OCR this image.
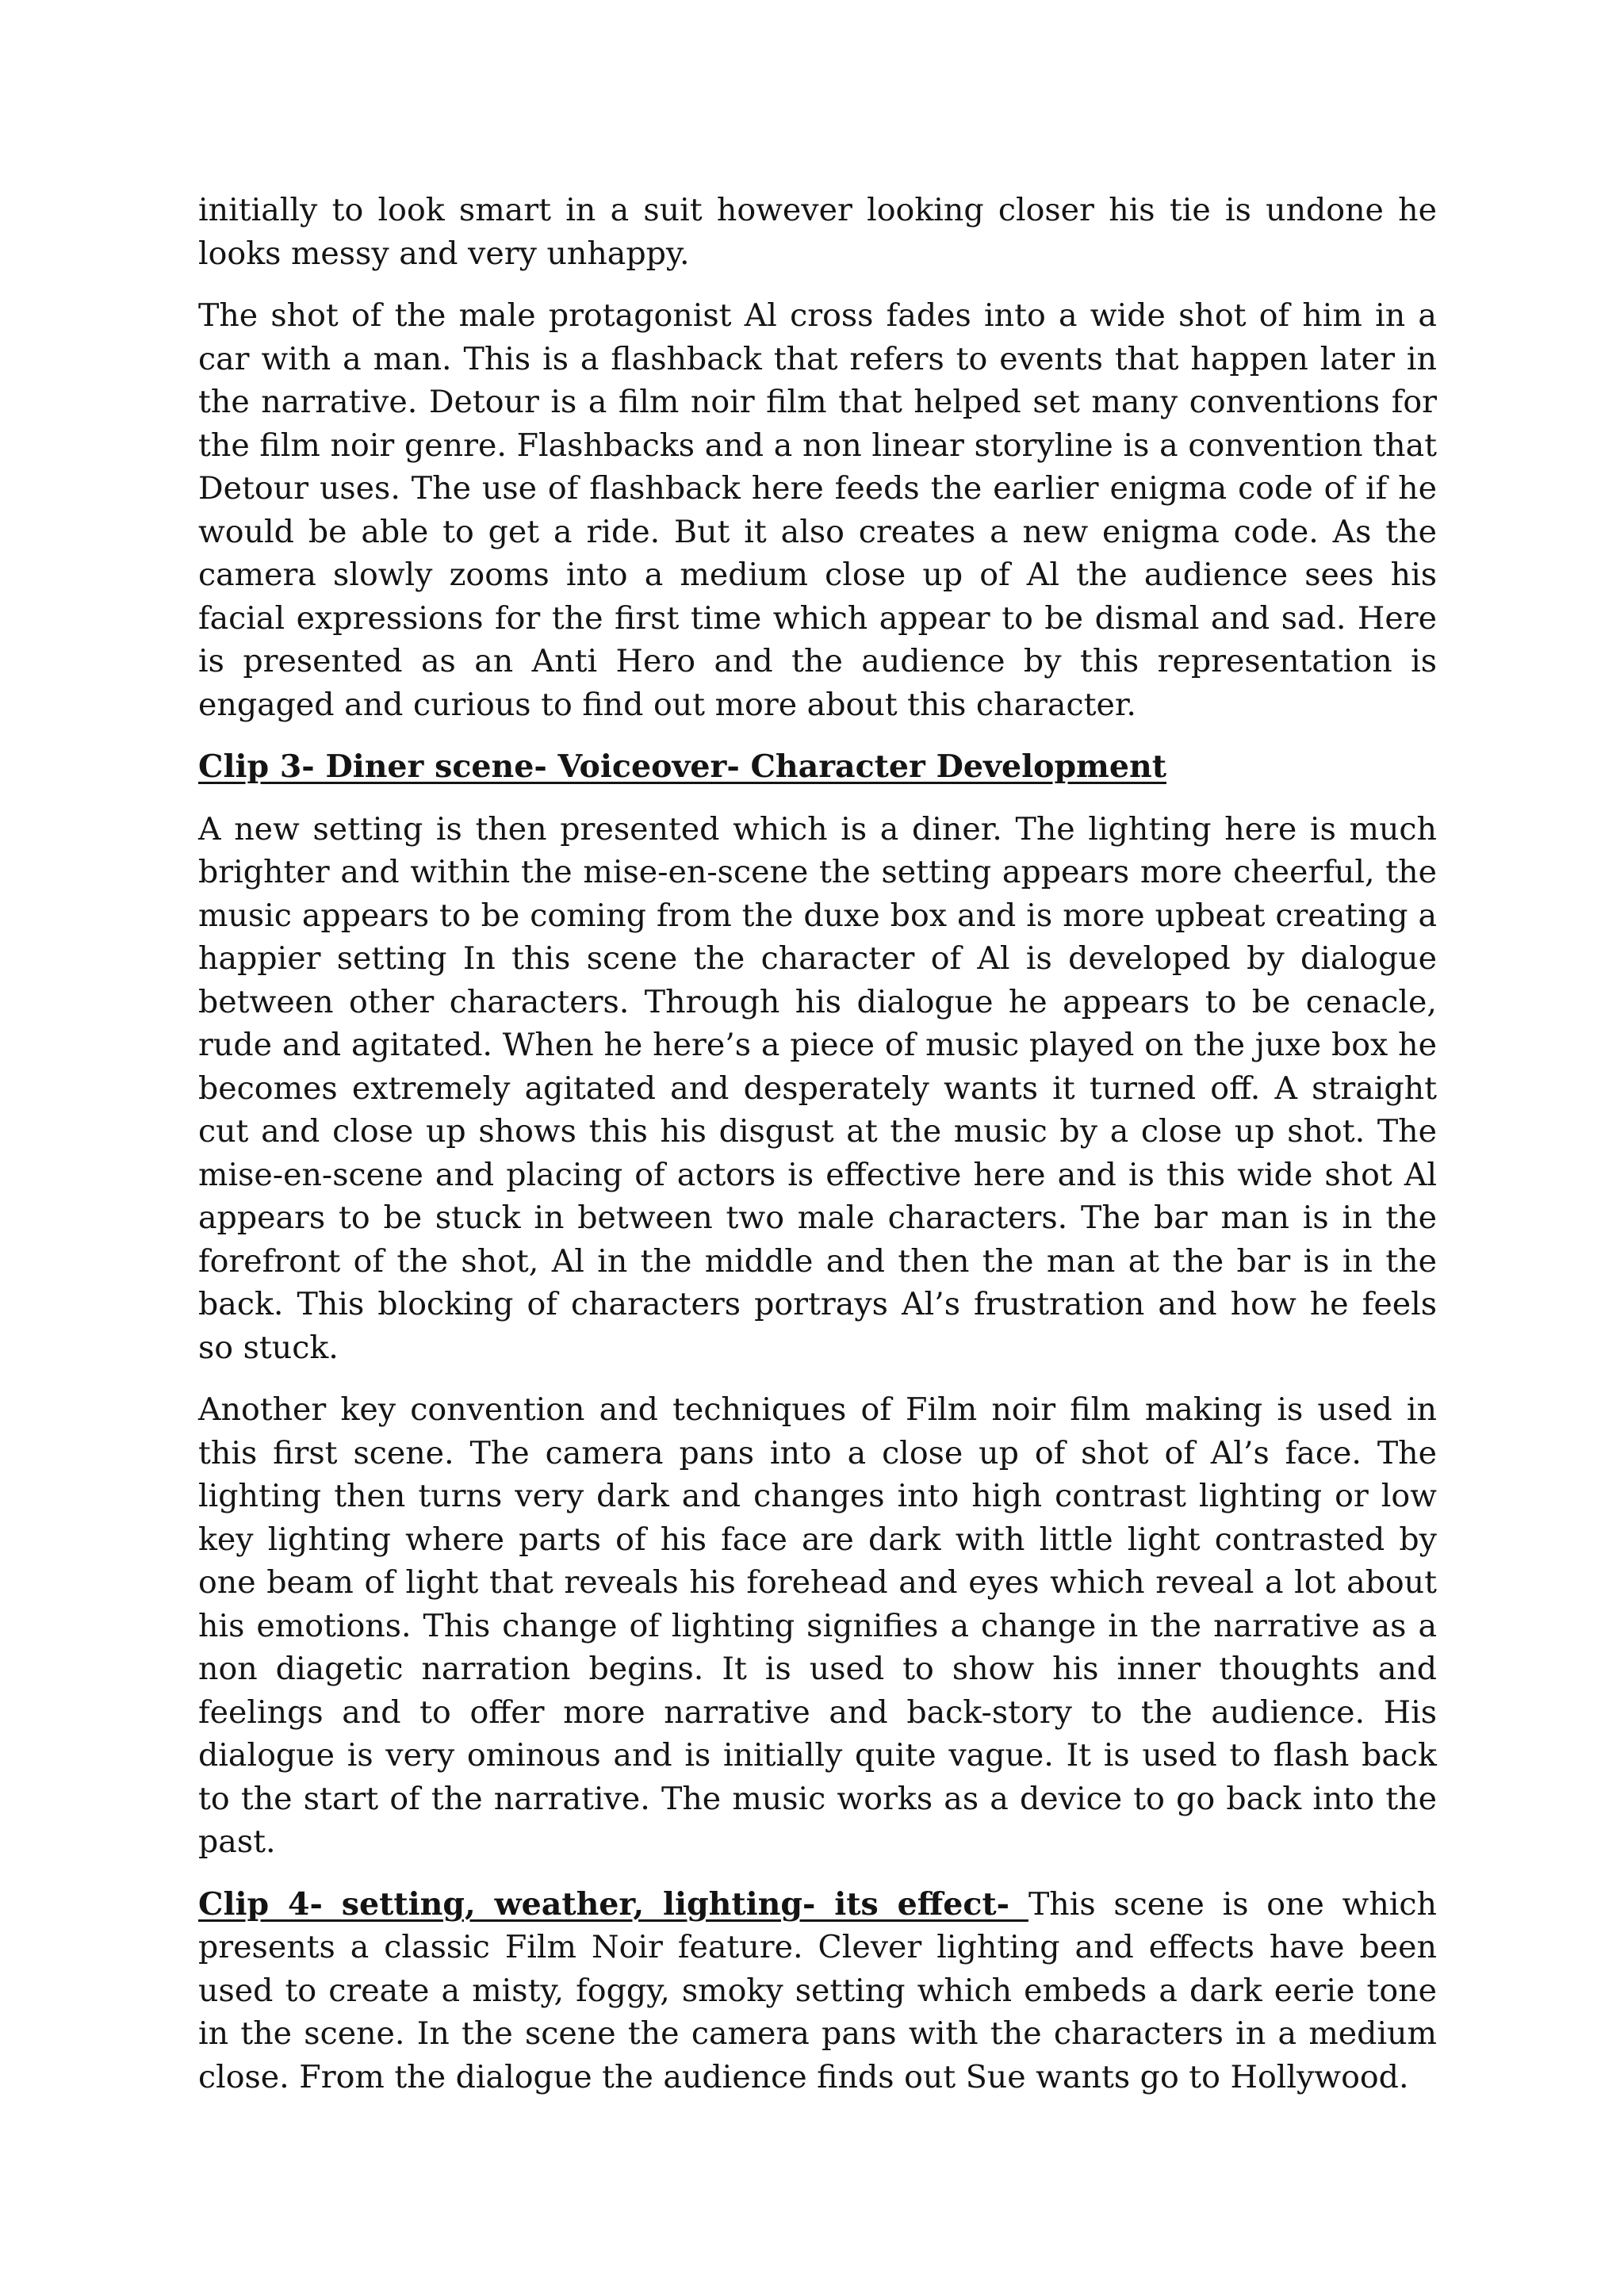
initially to look smart in a suit however looking closer his tie is undone he looks messy and very unhappy.

The shot of the male protagonist Al cross fades into a wide shot of him in a car with a man. This is a flashback that refers to events that happen later in the narrative. Detour is a film noir film that helped set many conventions for the film noir genre. Flashbacks and a non linear storyline is a convention that Detour uses. The use of flashback here feeds the earlier enigma code of if he would be able to get a ride. But it also creates a new enigma code. As the camera slowly zooms into a medium close up of Al the audience sees his facial expressions for the first time which appear to be dismal and sad. Here is presented as an Anti Hero and the audience by this representation is engaged and curious to find out more about this character.

Clip 3- Diner scene- Voiceover- Character Development

A new setting is then presented which is a diner. The lighting here is much brighter and within the mise-en-scene the setting appears more cheerful, the music appears to be coming from the duxe box and is more upbeat creating a happier setting In this scene the character of Al is developed by dialogue between other characters. Through his dialogue he appears to be cenacle, rude and agitated. When he here’s a piece of music played on the juxe box he becomes extremely agitated and desperately wants it turned off. A straight cut and close up shows this his disgust at the music by a close up shot. The mise-en-scene and placing of actors is effective here and is this wide shot Al appears to be stuck in between two male characters. The bar man is in the forefront of the shot, Al in the middle and then the man at the bar is in the back. This blocking of characters portrays Al’s frustration and how he feels so stuck.

Another key convention and techniques of Film noir film making is used in this first scene. The camera pans into a close up of shot of Al’s face. The lighting then turns very dark and changes into high contrast lighting or low key lighting where parts of his face are dark with little light contrasted by one beam of light that reveals his forehead and eyes which reveal a lot about his emotions. This change of lighting signifies a change in the narrative as a non diagetic narration begins. It is used to show his inner thoughts and feelings and to offer more narrative and back-story to the audience. His dialogue is very ominous and is initially quite vague. It is used to flash back to the start of the narrative. The music works as a device to go back into the past.

Clip 4- setting, weather, lighting- its effect- This scene is one which presents a classic Film Noir feature. Clever lighting and effects have been used to create a misty, foggy, smoky setting which embeds a dark eerie tone in the scene. In the scene the camera pans with the characters in a medium close. From the dialogue the audience finds out Sue wants go to Hollywood.
